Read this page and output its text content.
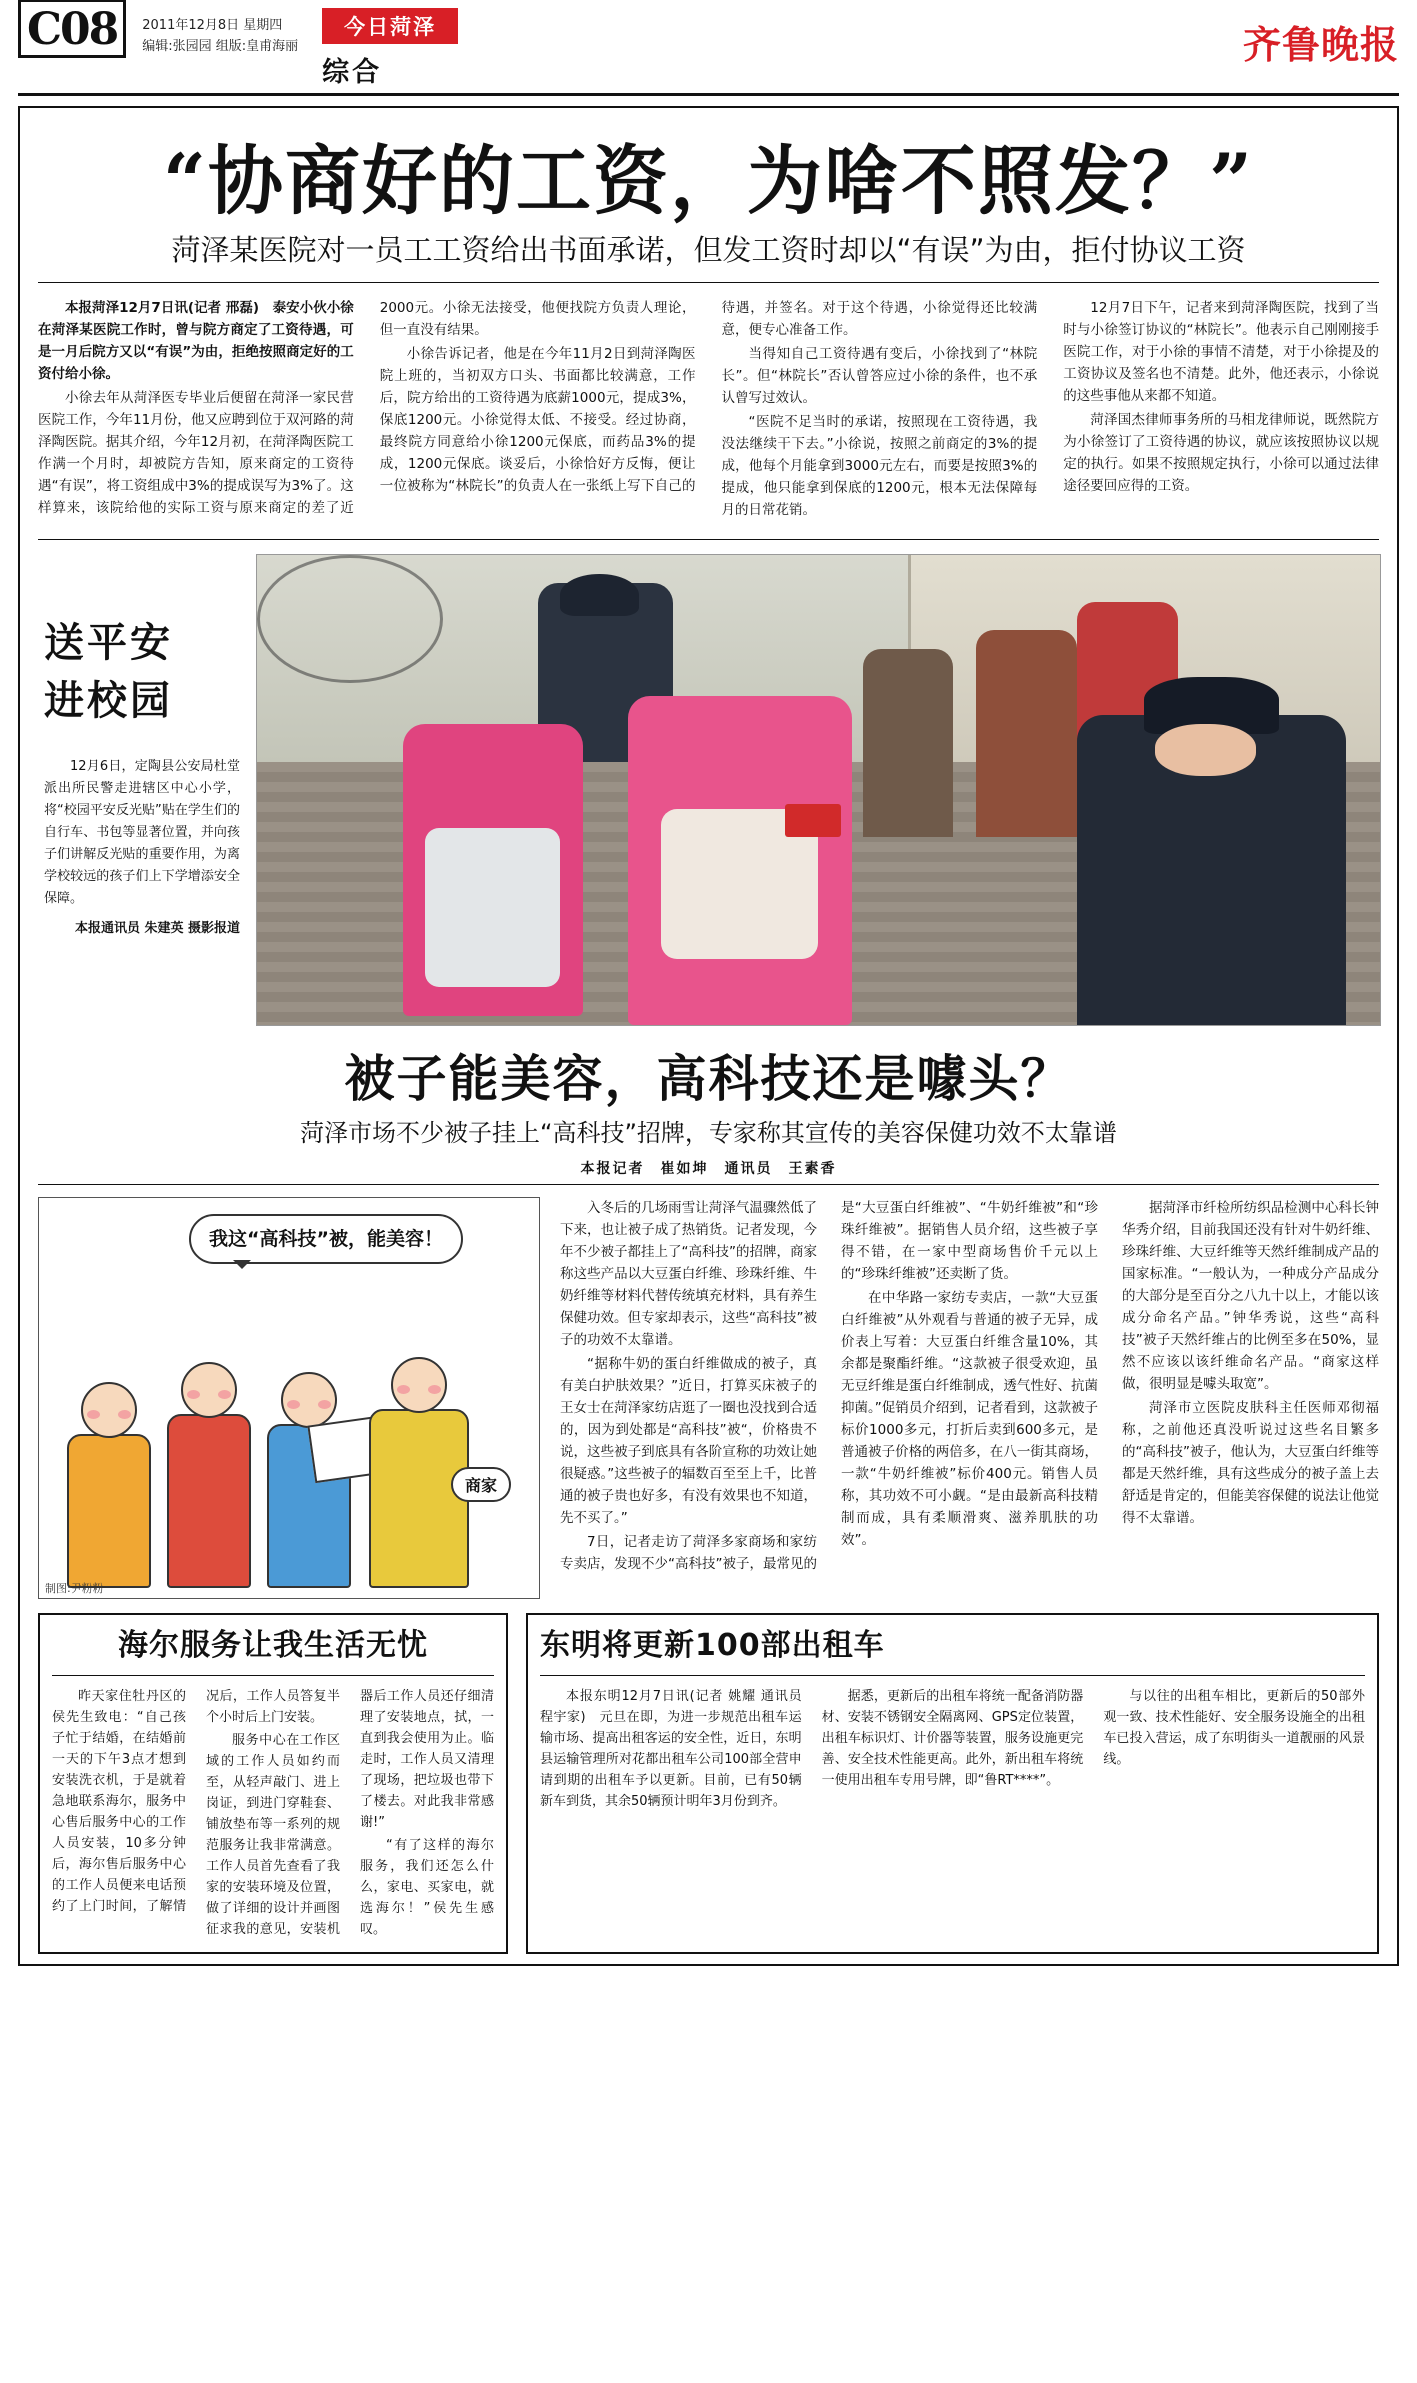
C08	2011年12月8日 星期四
编辑:张园园 组版:皇甫海丽
今日菏泽
综合
齐鲁晚报
“协商好的工资，为啥不照发？”
菏泽某医院对一员工工资给出书面承诺，但发工资时却以“有误”为由，拒付协议工资

本报菏泽12月7日讯(记者 邢磊)　泰安小伙小徐在菏泽某医院工作时，曾与院方商定了工资待遇，可是一月后院方又以“有误”为由，拒绝按照商定好的工资付给小徐。

小徐去年从菏泽医专毕业后便留在菏泽一家民营医院工作，今年11月份，他又应聘到位于双河路的菏泽陶医院。据其介绍，今年12月初，在菏泽陶医院工作满一个月时，却被院方告知，原来商定的工资待遇“有误”，将工资组成中3%的提成误写为3%了。这样算来，该院给他的实际工资与原来商定的差了近2000元。小徐无法接受，他便找院方负责人理论，但一直没有结果。

小徐告诉记者，他是在今年11月2日到菏泽陶医院上班的，当初双方口头、书面都比较满意，工作后，院方给出的工资待遇为底薪1000元，提成3%，保底1200元。小徐觉得太低、不接受。经过协商，最终院方同意给小徐1200元保底，而药品3%的提成，1200元保底。谈妥后，小徐恰好方反悔，便让一位被称为“林院长”的负责人在一张纸上写下自己的待遇，并签名。对于这个待遇，小徐觉得还比较满意，便专心准备工作。

当得知自己工资待遇有变后，小徐找到了“林院长”。但“林院长”否认曾答应过小徐的条件，也不承认曾写过效认。

“医院不足当时的承诺，按照现在工资待遇，我没法继续干下去。”小徐说，按照之前商定的3%的提成，他每个月能拿到3000元左右，而要是按照3%的提成，他只能拿到保底的1200元，根本无法保障每月的日常花销。

12月7日下午，记者来到菏泽陶医院，找到了当时与小徐签订协议的“林院长”。他表示自己刚刚接手医院工作，对于小徐的事情不清楚，对于小徐提及的工资协议及签名也不清楚。此外，他还表示，小徐说的这些事他从来都不知道。

菏泽国杰律师事务所的马相龙律师说，既然院方为小徐签订了工资待遇的协议，就应该按照协议以规定的执行。如果不按照规定执行，小徐可以通过法律途径要回应得的工资。

送平安
进校园
12月6日，定陶县公安局杜堂派出所民警走进辖区中心小学，将“校园平安反光贴”贴在学生们的自行车、书包等显著位置，并向孩子们讲解反光贴的重要作用，为离学校较远的孩子们上下学增添安全保障。
本报通讯员 朱建英 摄影报道
被子能美容，高科技还是噱头？
菏泽市场不少被子挂上“高科技”招牌，专家称其宣传的美容保健功效不太靠谱
本报记者　崔如坤　通讯员　王素香
我这“高科技”被，能美容！
商家
制图:尹粉粉

入冬后的几场雨雪让菏泽气温骤然低了下来，也让被子成了热销货。记者发现，今年不少被子都挂上了“高科技”的招牌，商家称这些产品以大豆蛋白纤维、珍珠纤维、牛奶纤维等材料代替传统填充材料，具有养生保健功效。但专家却表示，这些“高科技”被子的功效不太靠谱。

“据称牛奶的蛋白纤维做成的被子，真有美白护肤效果？”近日，打算买床被子的王女士在菏泽家纺店逛了一圈也没找到合适的，因为到处都是“高科技”被“，价格贵不说，这些被子到底具有各阶宣称的功效让她很疑惑。”这些被子的辐数百至至上千，比普通的被子贵也好多，有没有效果也不知道，先不买了。”

7日，记者走访了菏泽多家商场和家纺专卖店，发现不少“高科技”被子，最常见的是“大豆蛋白纤维被”、“牛奶纤维被”和“珍珠纤维被”。据销售人员介绍，这些被子享得不错，在一家中型商场售价千元以上的“珍珠纤维被”还卖断了货。

在中华路一家纺专卖店，一款“大豆蛋白纤维被”从外观看与普通的被子无异，成价表上写着：大豆蛋白纤维含量10%，其余都是聚酯纤维。“这款被子很受欢迎，虽无豆纤维是蛋白纤维制成，透气性好、抗菌抑菌。”促销员介绍到，记者看到，这款被子标价1000多元，打折后卖到600多元，是普通被子价格的两倍多，在八一街其商场，一款“牛奶纤维被”标价400元。销售人员称，其功效不可小觑。“是由最新高科技精制而成，具有柔顺滑爽、滋养肌肤的功效”。

据菏泽市纤检所纺织品检测中心科长钟华秀介绍，目前我国还没有针对牛奶纤维、珍珠纤维、大豆纤维等天然纤维制成产品的国家标准。“一般认为，一种成分产品成分的大部分是至百分之八九十以上，才能以该成分命名产品。”钟华秀说，这些“高科技”被子天然纤维占的比例至多在50%，显然不应该以该纤维命名产品。“商家这样做，很明显是噱头取宽”。

菏泽市立医院皮肤科主任医师邓彻福称，之前他还真没听说过这些名目繁多的“高科技”被子，他认为，大豆蛋白纤维等都是天然纤维，具有这些成分的被子盖上去舒适是肯定的，但能美容保健的说法让他觉得不太靠谱。

海尔服务让我生活无忧

昨天家住牡丹区的侯先生致电：“自己孩子忙于结婚，在结婚前一天的下午3点才想到安装洗衣机，于是就着急地联系海尔，服务中心售后服务中心的工作人员安装，10多分钟后，海尔售后服务中心的工作人员便来电话预约了上门时间，了解情况后，工作人员答复半个小时后上门安装。

服务中心在工作区域的工作人员如约而至，从轻声敲门、进上岗证，到进门穿鞋套、铺放垫布等一系列的规范服务让我非常满意。工作人员首先查看了我家的安装环境及位置，做了详细的设计并画图征求我的意见，安装机器后工作人员还仔细清理了安装地点，拭，一直到我会使用为止。临走时，工作人员又清理了现场，把垃圾也带下了楼去。对此我非常感谢!”

“有了这样的海尔服务，我们还怎么什么，家电、买家电，就选海尔！”侯先生感叹。

东明将更新100部出租车

本报东明12月7日讯(记者 姚耀 通讯员 程宇家)　元旦在即，为进一步规范出租车运输市场、提高出租客运的安全性，近日，东明县运输管理所对花都出租车公司100部全营申请到期的出租车予以更新。目前，已有50辆新车到货，其余50辆预计明年3月份到齐。

据悉，更新后的出租车将统一配备消防器材、安装不锈钢安全隔离网、GPS定位装置，出租车标识灯、计价器等装置，服务设施更完善、安全技术性能更高。此外，新出租车将统一使用出租车专用号牌，即“鲁RT****”。

与以往的出租车相比，更新后的50部外观一致、技术性能好、安全服务设施全的出租车已投入营运，成了东明街头一道靓丽的风景线。
